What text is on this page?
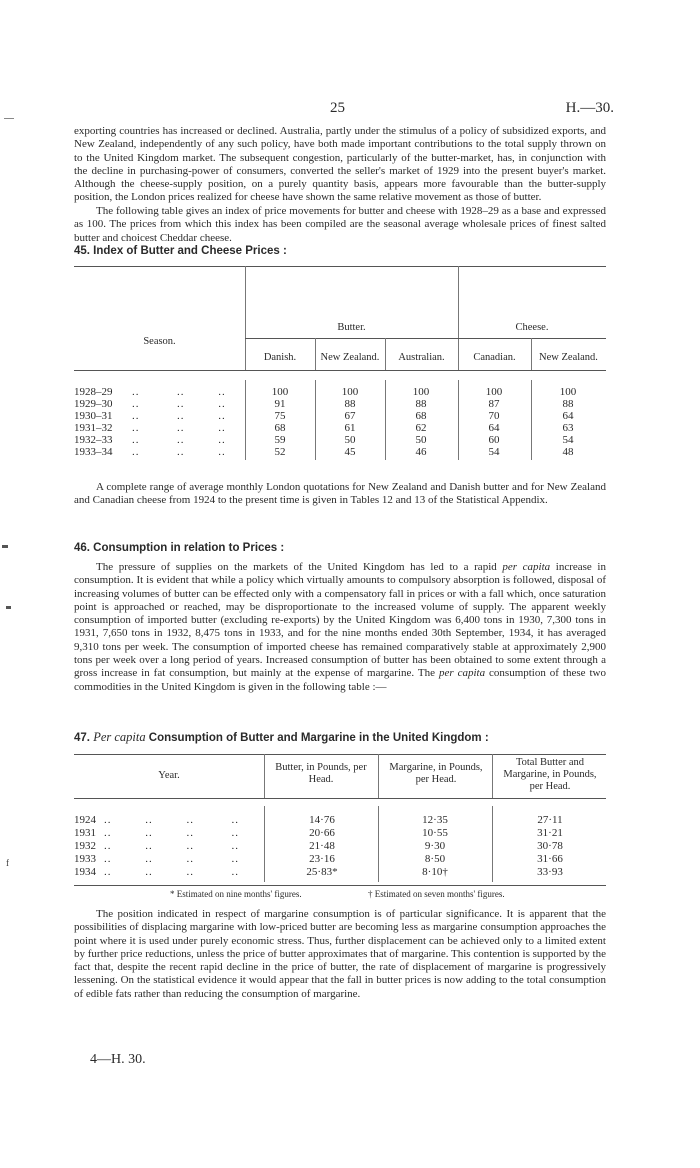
25	H.—30.

exporting countries has increased or declined. Australia, partly under the stimulus of a policy of subsidized exports, and New Zealand, independently of any such policy, have both made important contributions to the total supply thrown on to the United Kingdom market. The subsequent congestion, particularly of the butter-market, has, in conjunction with the decline in purchasing-power of consumers, converted the seller's market of 1929 into the present buyer's market. Although the cheese-supply position, on a purely quantity basis, appears more favourable than the butter-supply position, the London prices realized for cheese have shown the same relative movement as those of butter.

The following table gives an index of price movements for butter and cheese with 1928–29 as a base and expressed as 100. The prices from which this index has been compiled are the seasonal average wholesale prices of finest salted butter and choicest Cheddar cheese.

45. Index of Butter and Cheese Prices :

Season.
Butter.	Cheese.
Danish.	New Zealand.	Australian.	Canadian.	New Zealand.
1928–29 ..          ..         ..	100	100	100	100	100
1929–30 ..          ..         ..	91	88	88	87	88
1930–31 ..          ..         ..	75	67	68	70	64
1931–32 ..          ..         ..	68	61	62	64	63
1932–33 ..          ..         ..	59	50	50	60	54
1933–34 ..          ..         ..	52	45	46	54	48

A complete range of average monthly London quotations for New Zealand and Danish butter and for New Zealand and Canadian cheese from 1924 to the present time is given in Tables 12 and 13 of the Statistical Appendix.

46. Consumption in relation to Prices :

The pressure of supplies on the markets of the United Kingdom has led to a rapid per capita increase in consumption. It is evident that while a policy which virtually amounts to compulsory absorption is followed, disposal of increasing volumes of butter can be effected only with a compensatory fall in prices or with a fall which, once saturation point is approached or reached, may be disproportionate to the increased volume of supply. The apparent weekly consumption of imported butter (excluding re-exports) by the United Kingdom was 6,400 tons in 1930, 7,300 tons in 1931, 7,650 tons in 1932, 8,475 tons in 1933, and for the nine months ended 30th September, 1934, it has averaged 9,310 tons per week. The consumption of imported cheese has remained comparatively stable at approximately 2,900 tons per week over a long period of years. Increased consumption of butter has been obtained to some extent through a gross increase in fat consumption, but mainly at the expense of margarine. The per capita consumption of these two commodities in the United Kingdom is given in the following table :—

47. Per capita Consumption of Butter and Margarine in the United Kingdom :

Year.
Butter, in Pounds, per Head.
Margarine, in Pounds, per Head.
Total Butter and Margarine, in Pounds, per Head.
1924 ..         ..         ..          ..	14·76	12·35	27·11
1931 ..         ..         ..          ..	20·66	10·55	31·21
1932 ..         ..         ..          ..	21·48	9·30	30·78
1933 ..         ..         ..          ..	23·16	8·50	31·66
1934 ..         ..         ..          ..	25·83*	8·10†	33·93
* Estimated on nine months' figures.	† Estimated on seven months' figures.

The position indicated in respect of margarine consumption is of particular significance. It is apparent that the possibilities of displacing margarine with low-priced butter are becoming less as margarine consumption approaches the point where it is used under purely economic stress. Thus, further displacement can be achieved only to a limited extent by further price reductions, unless the price of butter approximates that of margarine. This contention is supported by the fact that, despite the recent rapid decline in the price of butter, the rate of displacement of margarine is progressively lessening. On the statistical evidence it would appear that the fall in butter prices is now adding to the total consumption of edible fats rather than reducing the consumption of margarine.

4—H. 30.
f
